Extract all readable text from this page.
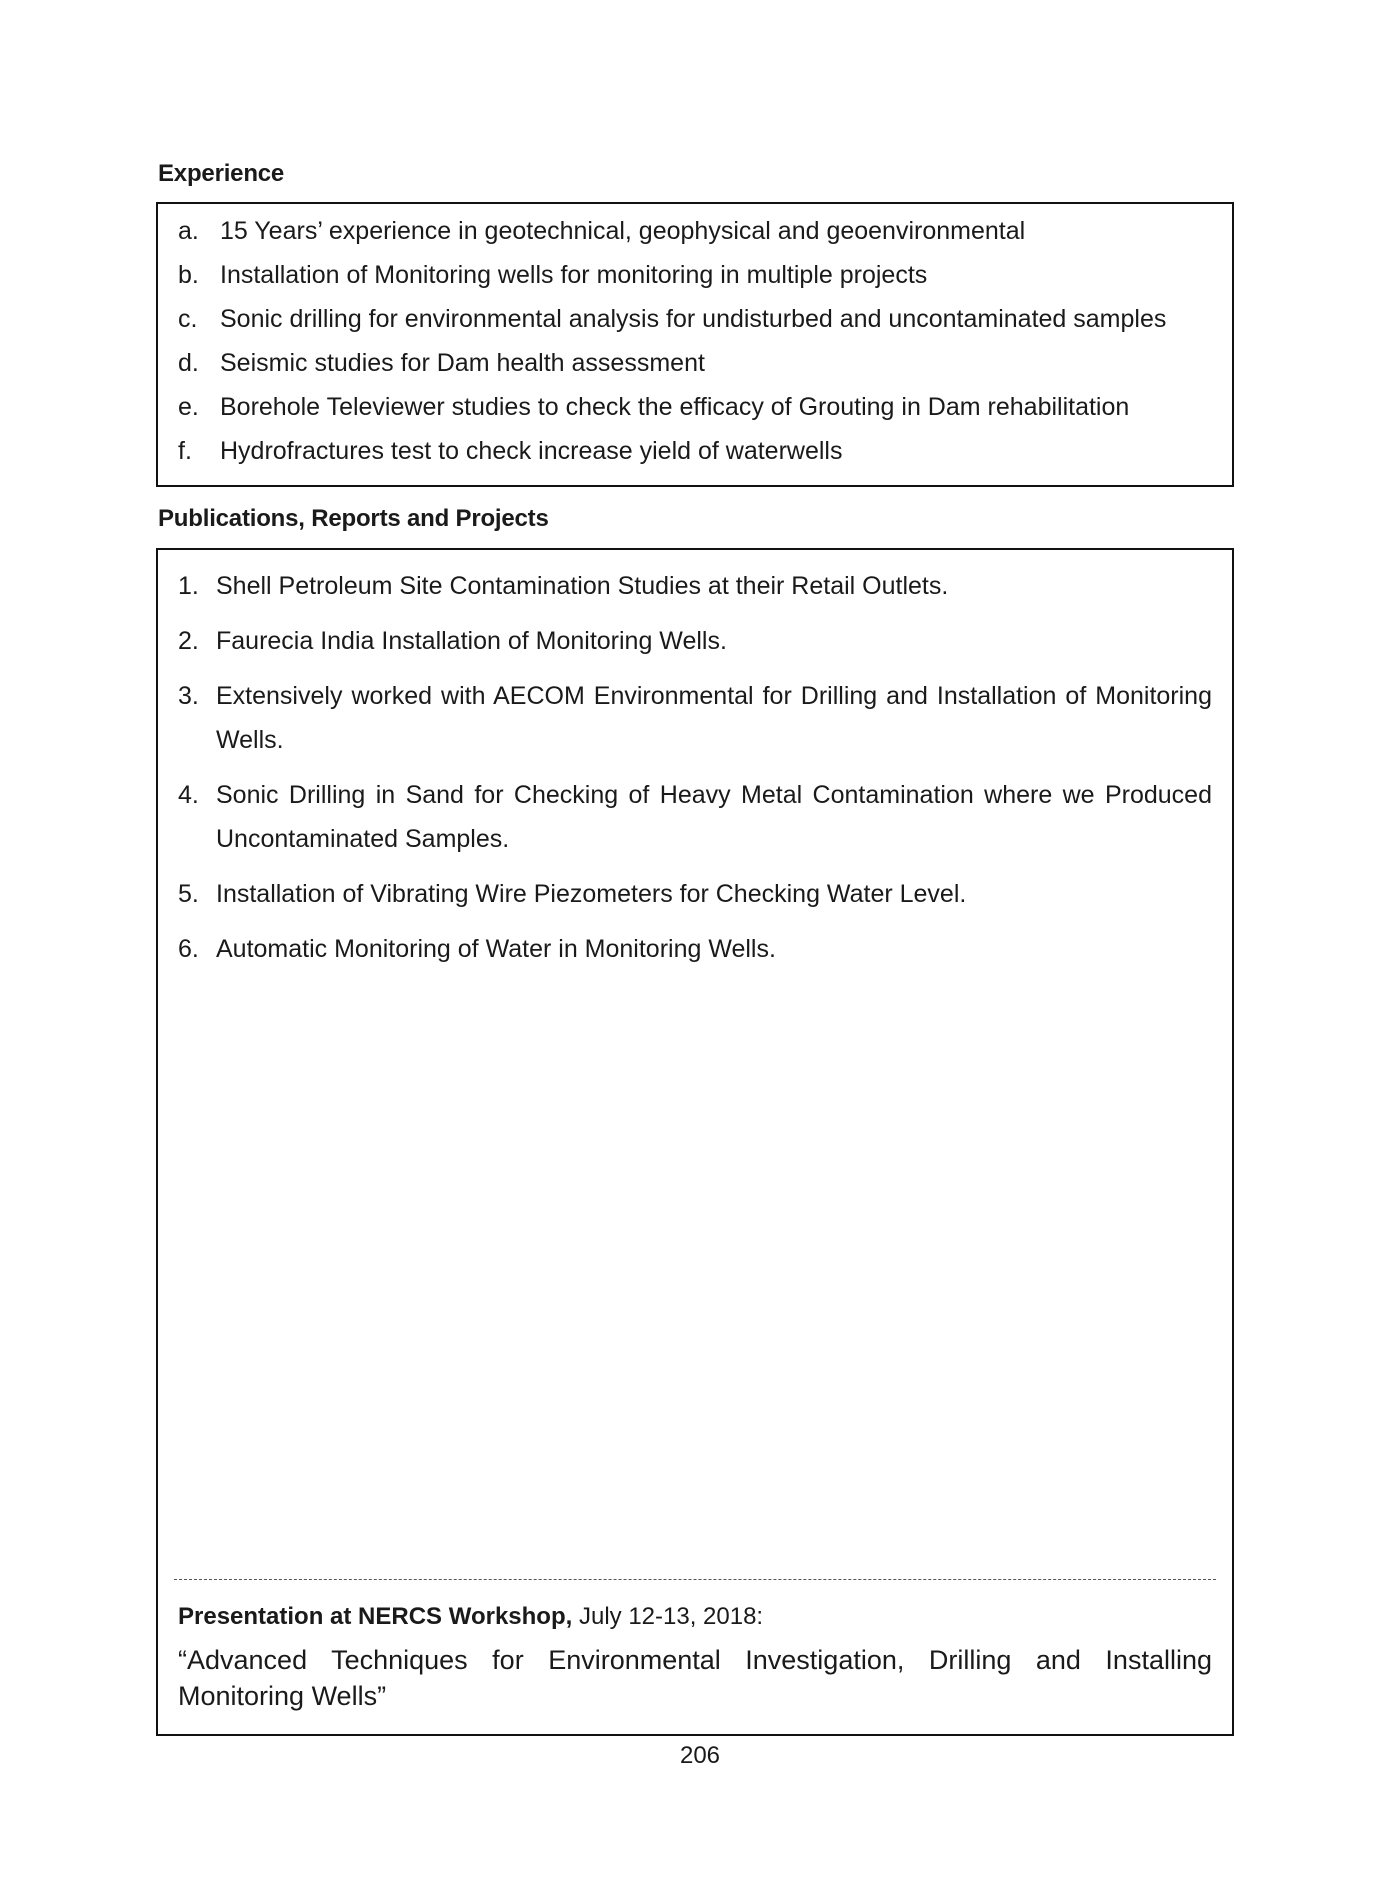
Experience
a. 15 Years’ experience in geotechnical, geophysical and geoenvironmental
b. Installation of Monitoring wells for monitoring in multiple projects
c. Sonic drilling for environmental analysis for undisturbed and uncontaminated samples
d. Seismic studies for Dam health assessment
e. Borehole Televiewer studies to check the efficacy of Grouting in Dam rehabilitation
f. Hydrofractures test to check increase yield of waterwells
Publications, Reports and Projects
1. Shell Petroleum Site Contamination Studies at their Retail Outlets.
2. Faurecia India Installation of Monitoring Wells.
3. Extensively worked with AECOM Environmental for Drilling and Installation of Monitoring Wells.
4. Sonic Drilling in Sand for Checking of Heavy Metal Contamination where we Produced Uncontaminated Samples.
5. Installation of Vibrating Wire Piezometers for Checking Water Level.
6. Automatic Monitoring of Water in Monitoring Wells.
Presentation at NERCS Workshop, July 12-13, 2018:
“Advanced Techniques for Environmental Investigation, Drilling and Installing Monitoring Wells”
206
